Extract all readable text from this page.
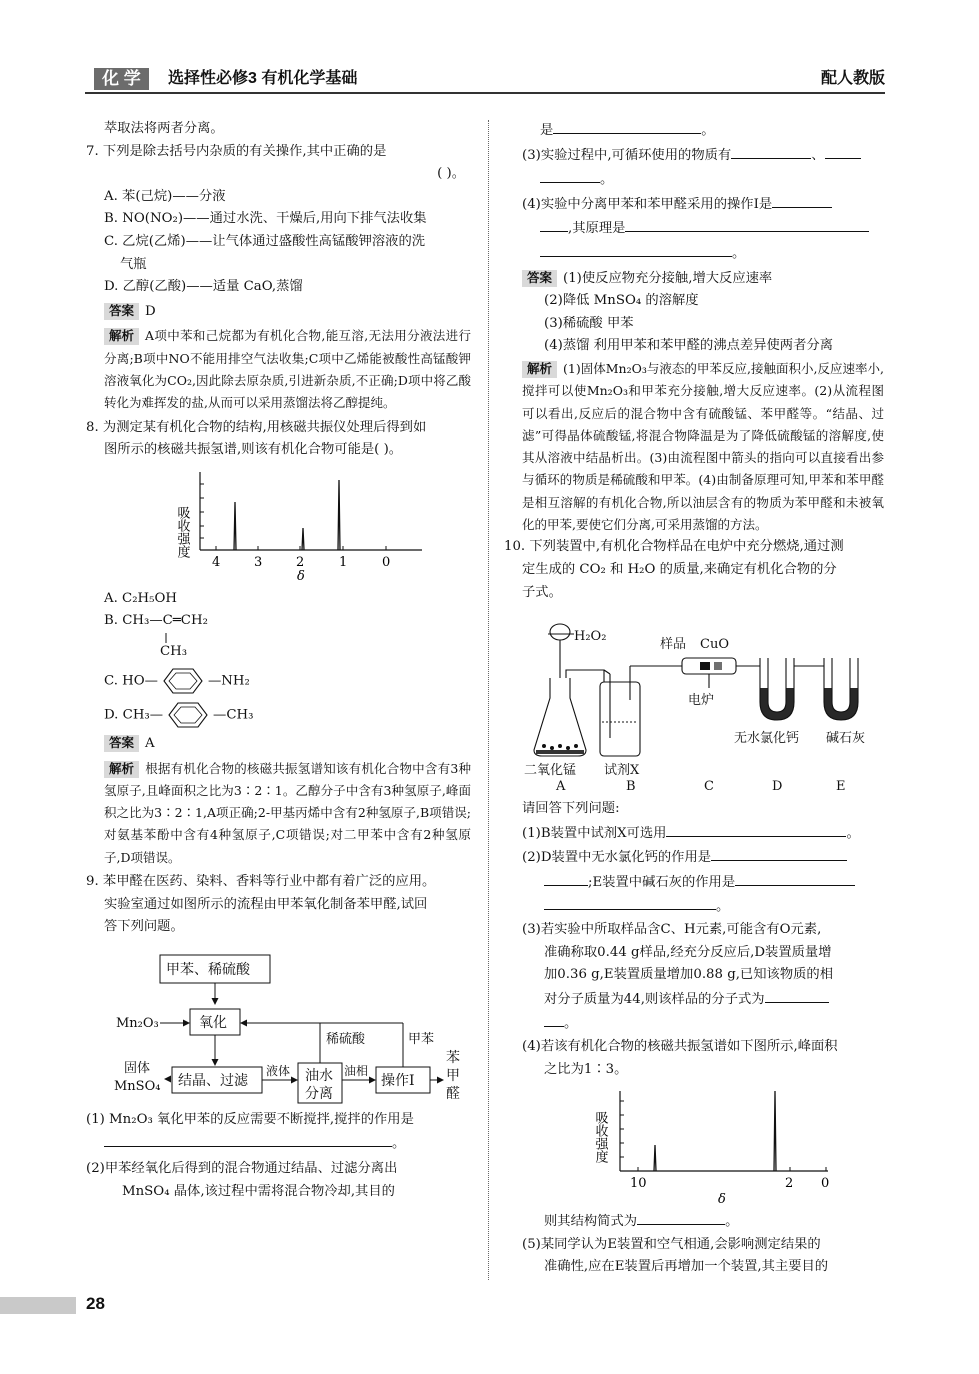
化 学	选择性必修3 有机化学基础	配人教版

萃取法将两者分离。

7. 下列是除去括号内杂质的有关操作,其中正确的是

( )。

A. 苯(己烷)——分液

B. NO(NO₂)——通过水洗、干燥后,用向下排气法收集

C. 乙烷(乙烯)——让气体通过盛酸性高锰酸钾溶液的洗

气瓶

D. 乙醇(乙酸)——适量 CaO,蒸馏

答案 D

解析 A项中苯和己烷都为有机化合物,能互溶,无法用分液法进行分离;B项中NO不能用排空气法收集;C项中乙烯能被酸性高锰酸钾溶液氧化为CO₂,因此除去原杂质,引进新杂质,不正确;D项中将乙酸转化为难挥发的盐,从而可以采用蒸馏法将乙醇提纯。

8. 为测定某有机化合物的结构,用核磁共振仪处理后得到如

图所示的核磁共振氢谱,则该有机化合物可能是( )。

吸收强度
4	3	2	1	0
δ

A. C₂H₅OH

B. CH₃—C═CH₂

CH₃

C. HO—	—NH₂

D. CH₃—	—CH₃

答案 A

解析 根据有机化合物的核磁共振氢谱知该有机化合物中含有3种氢原子,且峰面积之比为3∶2∶1。乙醇分子中含有3种氢原子,峰面积之比为3∶2∶1,A项正确;2-甲基丙烯中含有2种氢原子,B项错误;对氨基苯酚中含有4种氢原子,C项错误;对二甲苯中含有2种氢原子,D项错误。

9. 苯甲醛在医药、染料、香料等行业中都有着广泛的应用。

实验室通过如图所示的流程由甲苯氧化制备苯甲醛,试回

答下列问题。

甲苯、稀硫酸
Mn₂O₃	氧化
固体
MnSO₄ 结晶、过滤
液体 油水
分离
油相
操作Ⅰ
苯
甲
醛
稀硫酸	甲苯

(1) Mn₂O₃ 氧化甲苯的反应需要不断搅拌,搅拌的作用是

。

(2)甲苯经氧化后得到的混合物通过结晶、过滤分离出

MnSO₄ 晶体,该过程中需将混合物冷却,其目的

是	。

(3)实验过程中,可循环使用的物质有	、

。

(4)实验中分离甲苯和苯甲醛采用的操作Ⅰ是

,其原理是

。

答案 (1)使反应物充分接触,增大反应速率

(2)降低 MnSO₄ 的溶解度

(3)稀硫酸 甲苯

(4)蒸馏 利用甲苯和苯甲醛的沸点差异使两者分离

解析 (1)固体Mn₂O₃与液态的甲苯反应,接触面积小,反应速率小,搅拌可以使Mn₂O₃和甲苯充分接触,增大反应速率。(2)从流程图可以看出,反应后的混合物中含有硫酸锰、苯甲醛等。“结晶、过滤”可得晶体硫酸锰,将混合物降温是为了降低硫酸锰的溶解度,使其从溶液中结晶析出。(3)由流程图中箭头的指向可以直接看出参与循环的物质是稀硫酸和甲苯。(4)由制备原理可知,甲苯和苯甲醛是相互溶解的有机化合物,所以油层含有的物质为苯甲醛和未被氧化的甲苯,要使它们分离,可采用蒸馏的方法。

10. 下列装置中,有机化合物样品在电炉中充分燃烧,通过测

定生成的 CO₂ 和 H₂O 的质量,来确定有机化合物的分

子式。

H₂O₂
样品 CuO
电炉
无水氯化钙 碱石灰
二氧化锰 试剂X
A	B	C	D	E

请回答下列问题:

(1)B装置中试剂X可选用	。

(2)D装置中无水氯化钙的作用是

;E装置中碱石灰的作用是

。

(3)若实验中所取样品含C、H元素,可能含有O元素,

准确称取0.44 g样品,经充分反应后,D装置质量增

加0.36 g,E装置质量增加0.88 g,已知该物质的相

对分子质量为44,则该样品的分子式为

。

(4)若该有机化合物的核磁共振氢谱如下图所示,峰面积

之比为1∶3。

吸收强度
10	2 0
δ

则其结构简式为	。

(5)某同学认为E装置和空气相通,会影响测定结果的

准确性,应在E装置后再增加一个装置,其主要目的

28
